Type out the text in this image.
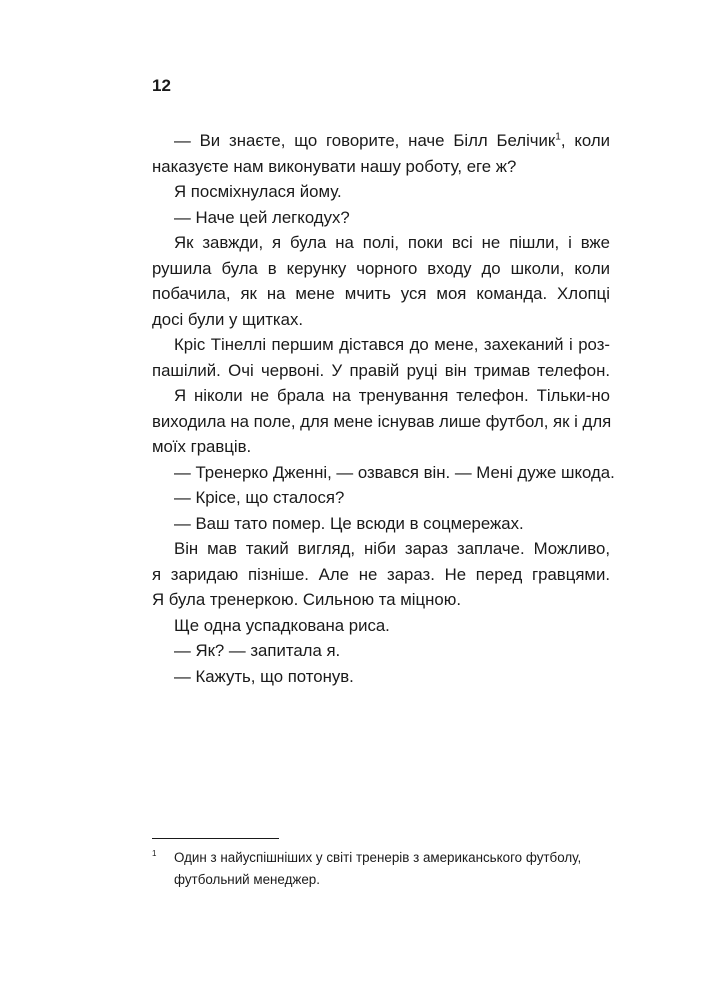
12
— Ви знаєте, що говорите, наче Білл Белічик$^1$, коли
наказуєте нам виконувати нашу роботу, еге ж?
Я посміхнулася йому.
— Наче цей легкодух?
Як завжди, я була на полі, поки всі не пішли, і вже
рушила була в керунку чорного входу до школи, коли
побачила, як на мене мчить уся моя команда. Хлопці
досі були у щитках.
Кріс Тінеллі першим дістався до мене, захеканий і роз-
пашілий. Очі червоні. У правій руці він тримав телефон.
Я ніколи не брала на тренування телефон. Тільки-но
виходила на поле, для мене існував лише футбол, як і для
моїх гравців.
— Тренерко Дженні, — озвався він. — Мені дуже шкода.
— Крісе, що сталося?
— Ваш тато помер. Це всюди в соцмережах.
Він мав такий вигляд, ніби зараз заплаче. Можливо,
я заридаю пізніше. Але не зараз. Не перед гравцями.
Я була тренеркою. Сильною та міцною.
Ще одна успадкована риса.
— Як? — запитала я.
— Кажуть, що потонув.
1 Один з найуспішніших у світі тренерів з американського футболу,
футбольний менеджер.
